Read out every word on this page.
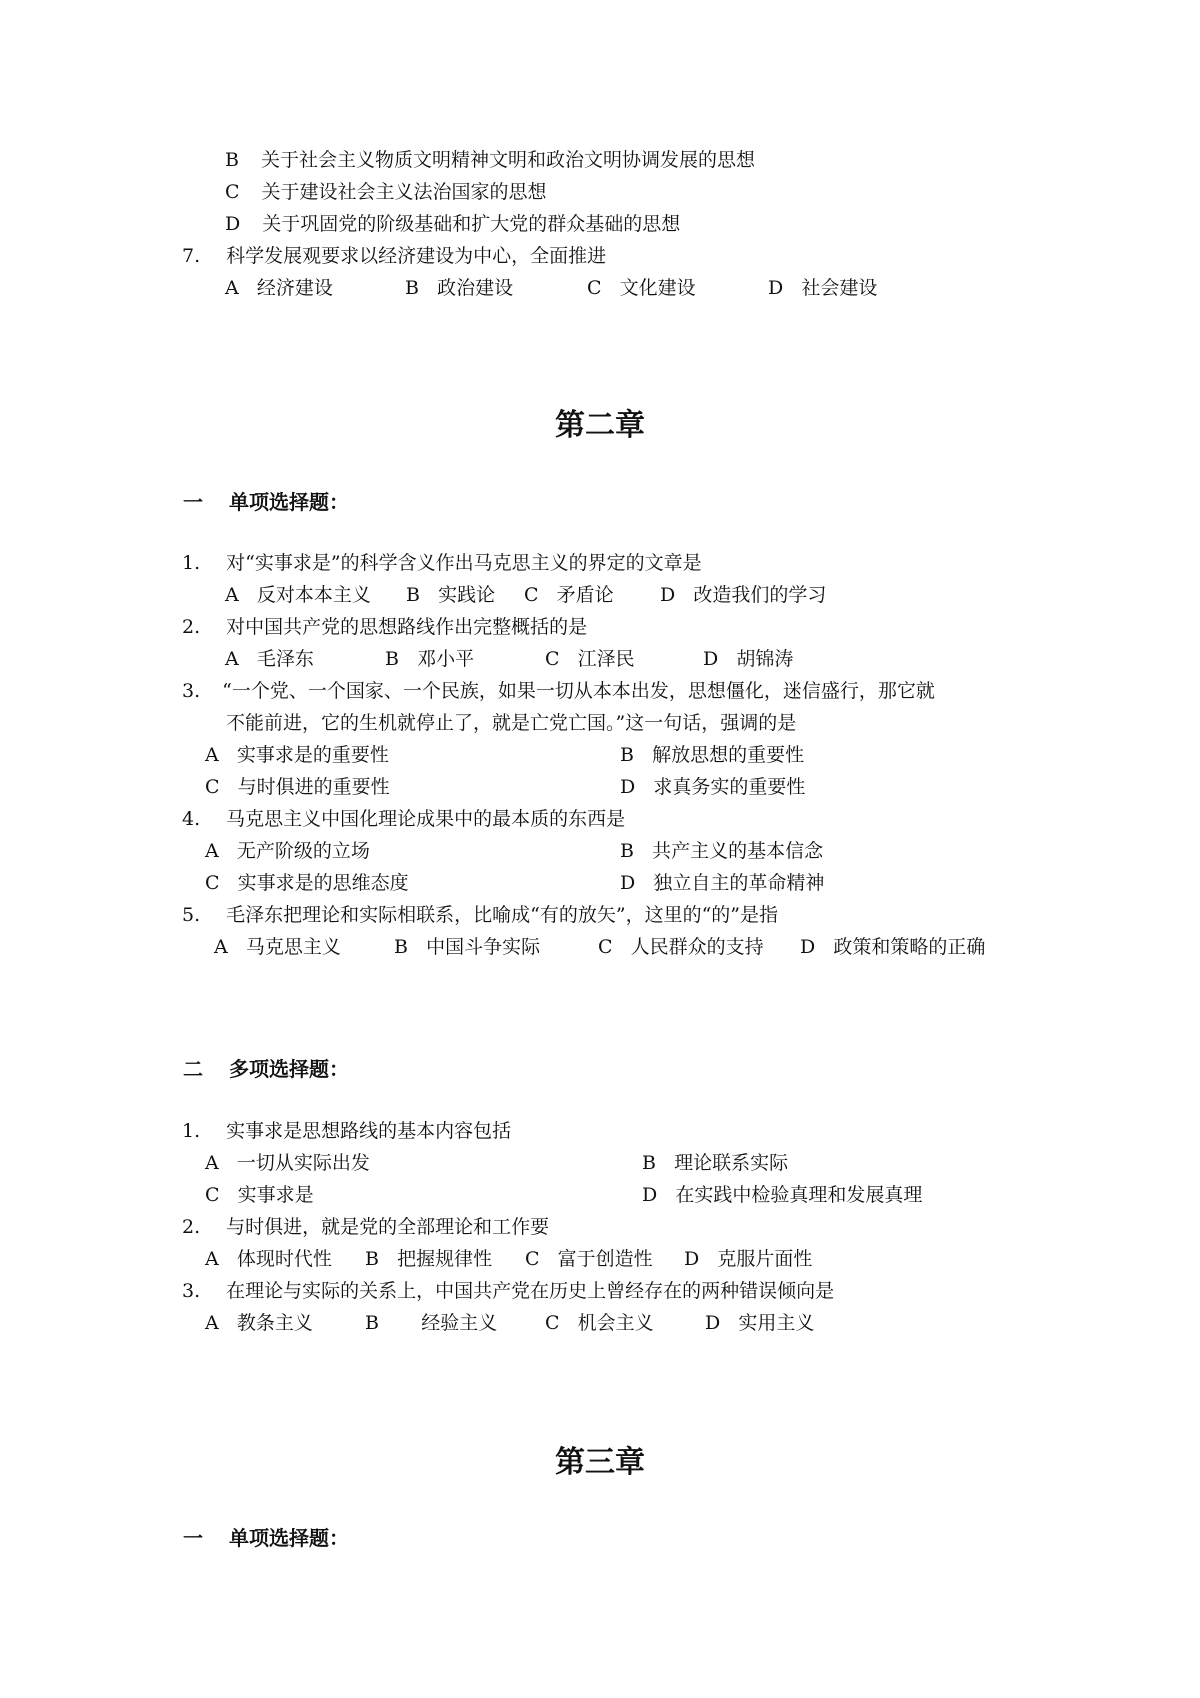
B 关于社会主义物质文明精神文明和政治文明协调发展的思想
C 关于建设社会主义法治国家的思想
D 关于巩固党的阶级基础和扩大党的群众基础的思想
7. 科学发展观要求以经济建设为中心，全面推进
A 经济建设	B 政治建设	C 文化建设	D 社会建设
第二章
一 单项选择题：
1. 对“实事求是”的科学含义作出马克思主义的界定的文章是
A 反对本本主义 B 实践论 C 矛盾论 D 改造我们的学习
2. 对中国共产党的思想路线作出完整概括的是
A 毛泽东	B 邓小平	C 江泽民	D 胡锦涛
3. “一个党、一个国家、一个民族，如果一切从本本出发，思想僵化，迷信盛行，那它就
不能前进，它的生机就停止了，就是亡党亡国。”这一句话，强调的是
A 实事求是的重要性	B 解放思想的重要性
C 与时俱进的重要性	D 求真务实的重要性
4. 马克思主义中国化理论成果中的最本质的东西是
A 无产阶级的立场	B 共产主义的基本信念
C 实事求是的思维态度	D 独立自主的革命精神
5. 毛泽东把理论和实际相联系，比喻成“有的放矢”，这里的“的”是指
A 马克思主义	B 中国斗争实际	C 人民群众的支持 D 政策和策略的正确
二 多项选择题：
1. 实事求是思想路线的基本内容包括
A 一切从实际出发	B 理论联系实际
C 实事求是	D 在实践中检验真理和发展真理
2. 与时俱进，就是党的全部理论和工作要
A 体现时代性 B 把握规律性 C 富于创造性 D 克服片面性
3. 在理论与实际的关系上，中国共产党在历史上曾经存在的两种错误倾向是
A 教条主义	B 经验主义	C 机会主义	D 实用主义
第三章
一 单项选择题：
